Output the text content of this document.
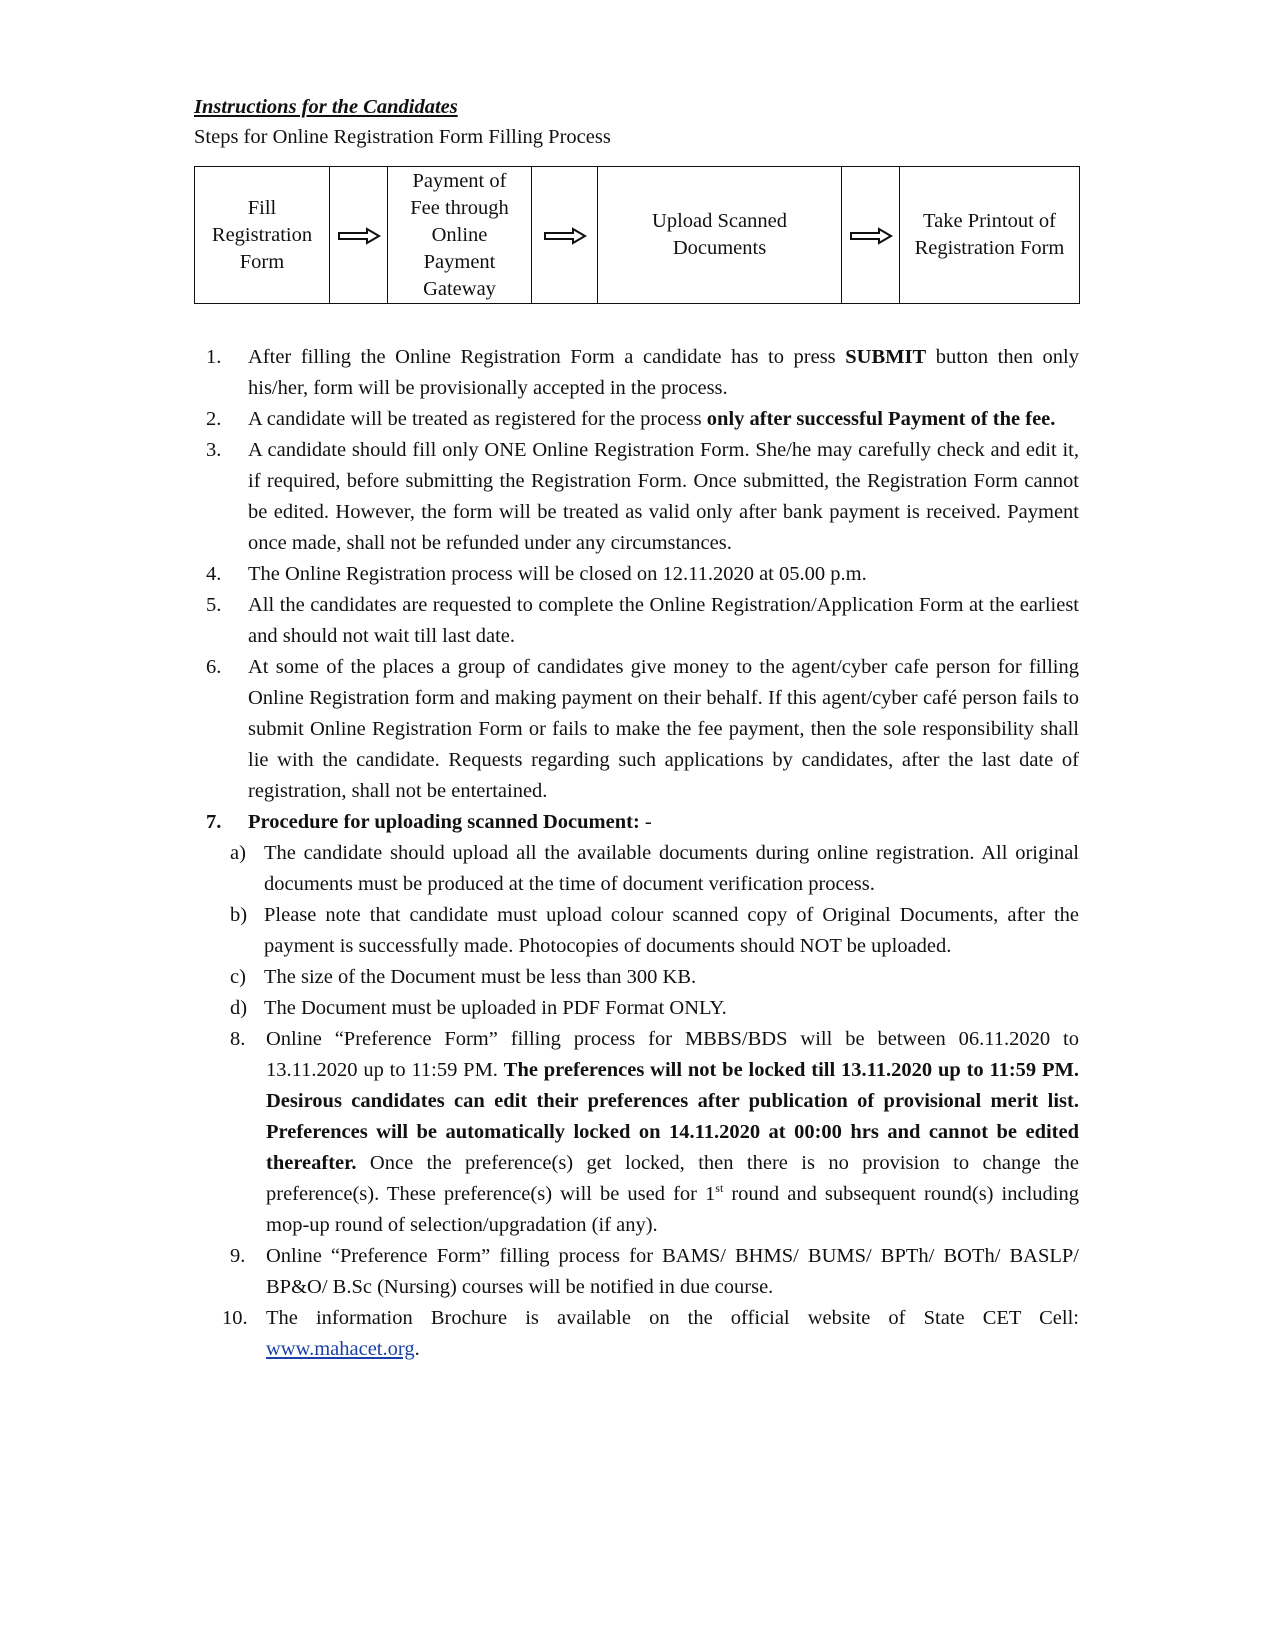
Instructions for the Candidates
Steps for Online Registration Form Filling Process
Fill Registration Form		Payment of Fee through Online Payment Gateway		Upload Scanned Documents		Take Printout of Registration Form
1. After filling the Online Registration Form a candidate has to press SUBMIT button then only his/her, form will be provisionally accepted in the process.
2. A candidate will be treated as registered for the process only after successful Payment of the fee.
3. A candidate should fill only ONE Online Registration Form. She/he may carefully check and edit it, if required, before submitting the Registration Form. Once submitted, the Registration Form cannot be edited. However, the form will be treated as valid only after bank payment is received. Payment once made, shall not be refunded under any circumstances.
4. The Online Registration process will be closed on 12.11.2020 at 05.00 p.m.
5. All the candidates are requested to complete the Online Registration/Application Form at the earliest and should not wait till last date.
6. At some of the places a group of candidates give money to the agent/cyber cafe person for filling Online Registration form and making payment on their behalf. If this agent/cyber café person fails to submit Online Registration Form or fails to make the fee payment, then the sole responsibility shall lie with the candidate. Requests regarding such applications by candidates, after the last date of registration, shall not be entertained.
7. Procedure for uploading scanned Document: -
a) The candidate should upload all the available documents during online registration. All original documents must be produced at the time of document verification process.
b) Please note that candidate must upload colour scanned copy of Original Documents, after the payment is successfully made. Photocopies of documents should NOT be uploaded.
c) The size of the Document must be less than 300 KB.
d) The Document must be uploaded in PDF Format ONLY.
8. Online “Preference Form” filling process for MBBS/BDS will be between 06.11.2020 to 13.11.2020 up to 11:59 PM. The preferences will not be locked till 13.11.2020 up to 11:59 PM. Desirous candidates can edit their preferences after publication of provisional merit list. Preferences will be automatically locked on 14.11.2020 at 00:00 hrs and cannot be edited thereafter. Once the preference(s) get locked, then there is no provision to change the preference(s). These preference(s) will be used for 1st round and subsequent round(s) including mop-up round of selection/upgradation (if any).
9. Online “Preference Form” filling process for BAMS/ BHMS/ BUMS/ BPTh/ BOTh/ BASLP/ BP&O/ B.Sc (Nursing) courses will be notified in due course.
10. The information Brochure is available on the official website of State CET Cell: www.mahacet.org.
